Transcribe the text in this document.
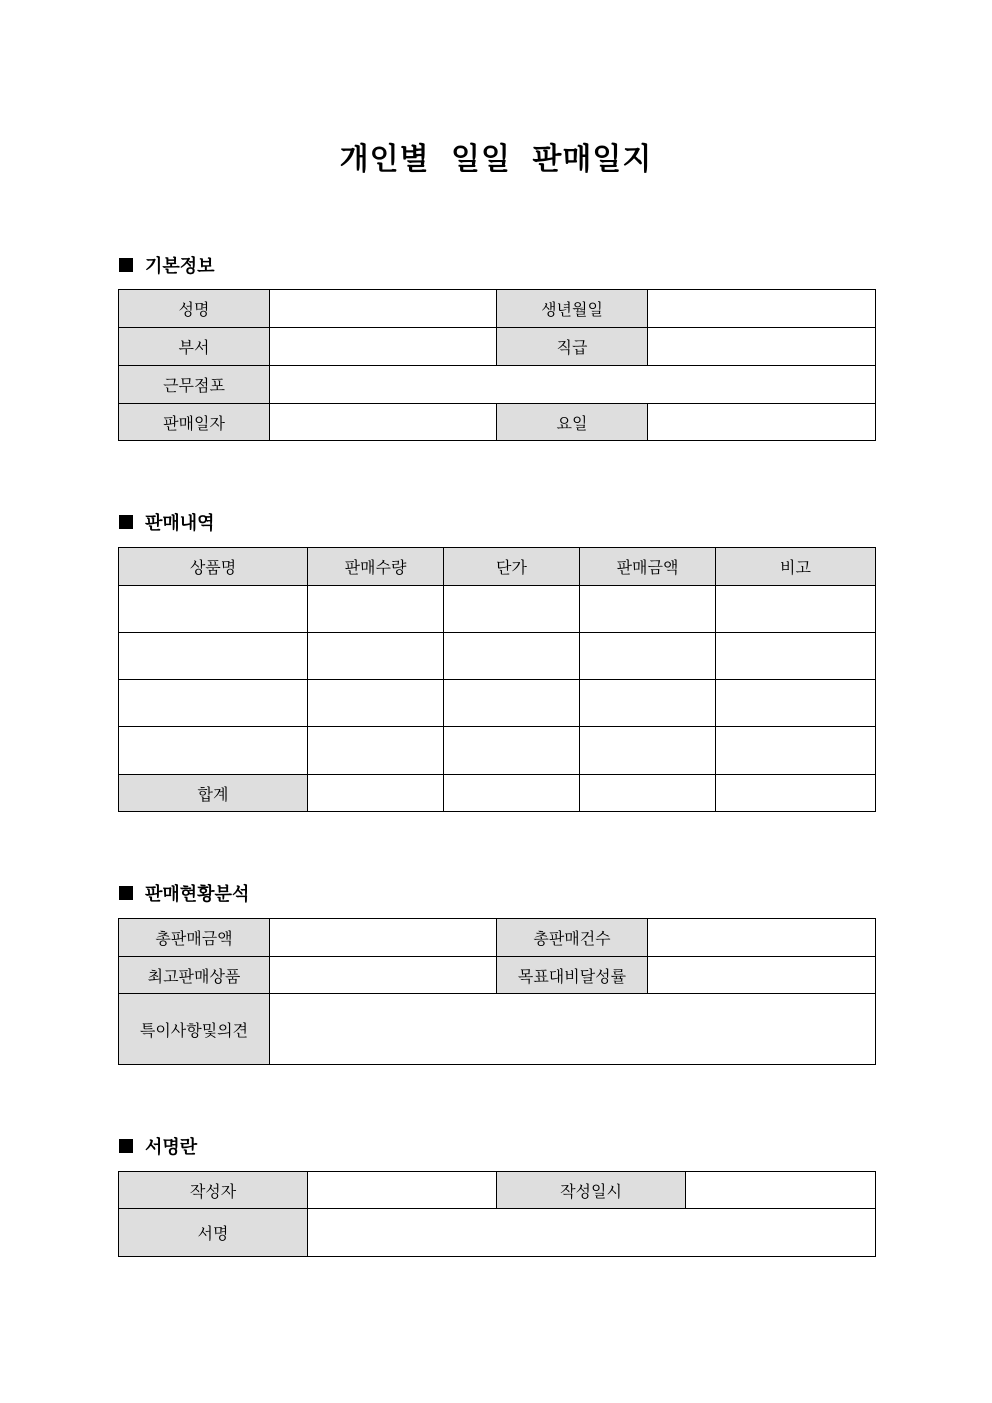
개인별 일일 판매일지
기본정보
성명		생년월일	
부서		직급	
근무점포			
판매일자		요일	
판매내역
상품명	판매수량	단가	판매금액	비고

합계				
판매현황분석
총판매금액		총판매건수	
최고판매상품		목표대비달성률	
특이사항및의견			
서명란
작성자		작성일시	
서명			
